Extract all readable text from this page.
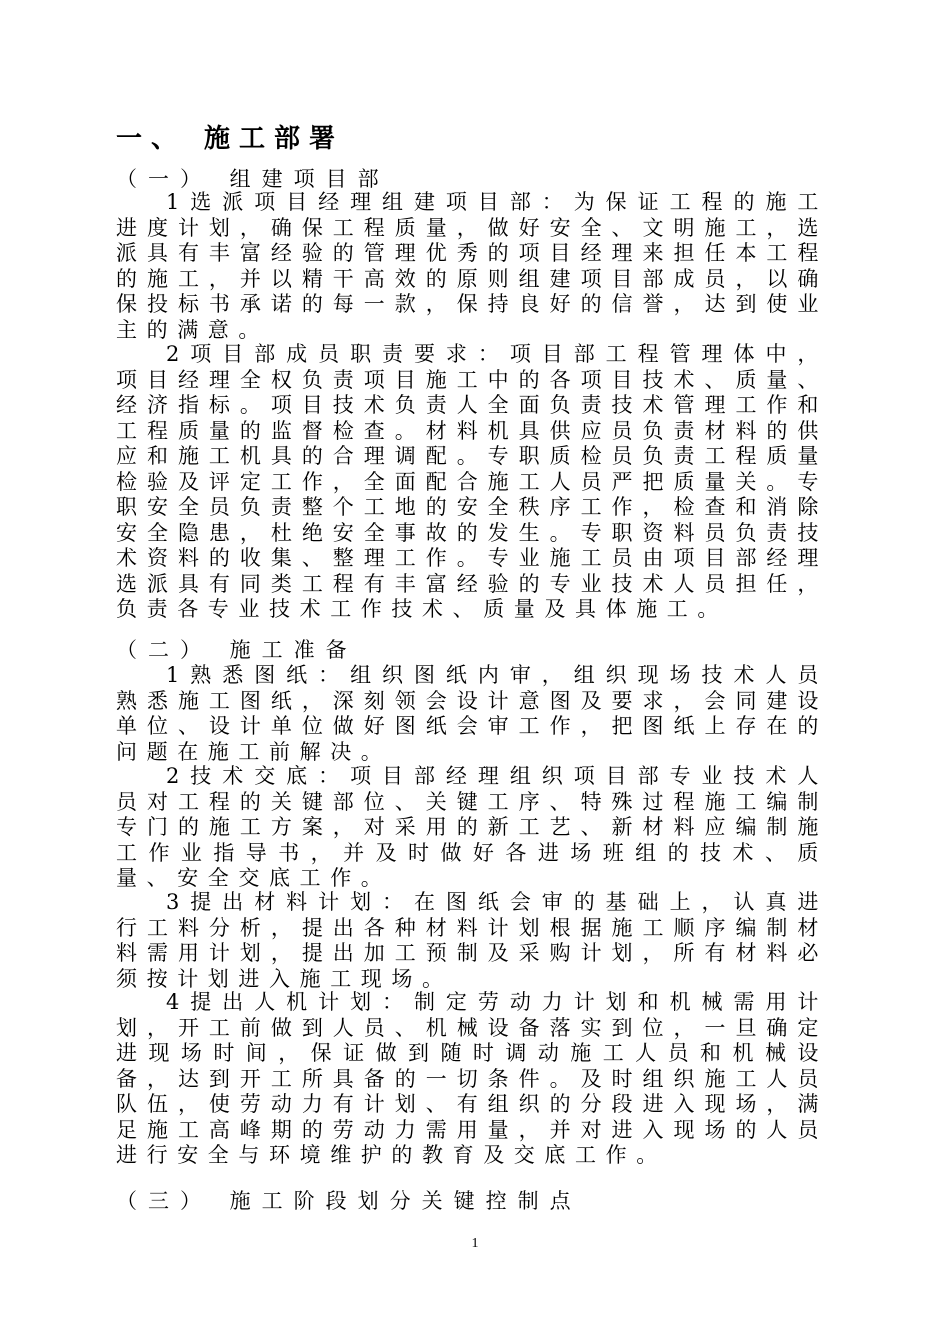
一、 施工部署
（一） 组建项目部
1选派项目经理组建项目部：为保证工程的施工进度计划，确保工程质量，做好安全、文明施工，选派具有丰富经验的管理优秀的项目经理来担任本工程的施工，并以精干高效的原则组建项目部成员，以确保投标书承诺的每一款，保持良好的信誉，达到使业主的满意。
2项目部成员职责要求：项目部工程管理体中，项目经理全权负责项目施工中的各项目技术、质量、经济指标。项目技术负责人全面负责技术管理工作和工程质量的监督检查。材料机具供应员负责材料的供应和施工机具的合理调配。专职质检员负责工程质量检验及评定工作，全面配合施工人员严把质量关。专职安全员负责整个工地的安全秩序工作，检查和消除安全隐患，杜绝安全事故的发生。专职资料员负责技术资料的收集、整理工作。专业施工员由项目部经理选派具有同类工程有丰富经验的专业技术人员担任，负责各专业技术工作技术、质量及具体施工。
（二） 施工准备
1熟悉图纸：组织图纸内审，组织现场技术人员熟悉施工图纸，深刻领会设计意图及要求，会同建设单位、设计单位做好图纸会审工作，把图纸上存在的问题在施工前解决。
2技术交底：项目部经理组织项目部专业技术人员对工程的关键部位、关键工序、特殊过程施工编制专门的施工方案，对采用的新工艺、新材料应编制施工作业指导书，并及时做好各进场班组的技术、质量、安全交底工作。
3提出材料计划：在图纸会审的基础上，认真进行工料分析，提出各种材料计划根据施工顺序编制材料需用计划，提出加工预制及采购计划，所有材料必须按计划进入施工现场。
4提出人机计划：制定劳动力计划和机械需用计划，开工前做到人员、机械设备落实到位，一旦确定进现场时间，保证做到随时调动施工人员和机械设备，达到开工所具备的一切条件。及时组织施工人员队伍，使劳动力有计划、有组织的分段进入现场，满足施工高峰期的劳动力需用量，并对进入现场的人员进行安全与环境维护的教育及交底工作。
（三） 施工阶段划分关键控制点
1
